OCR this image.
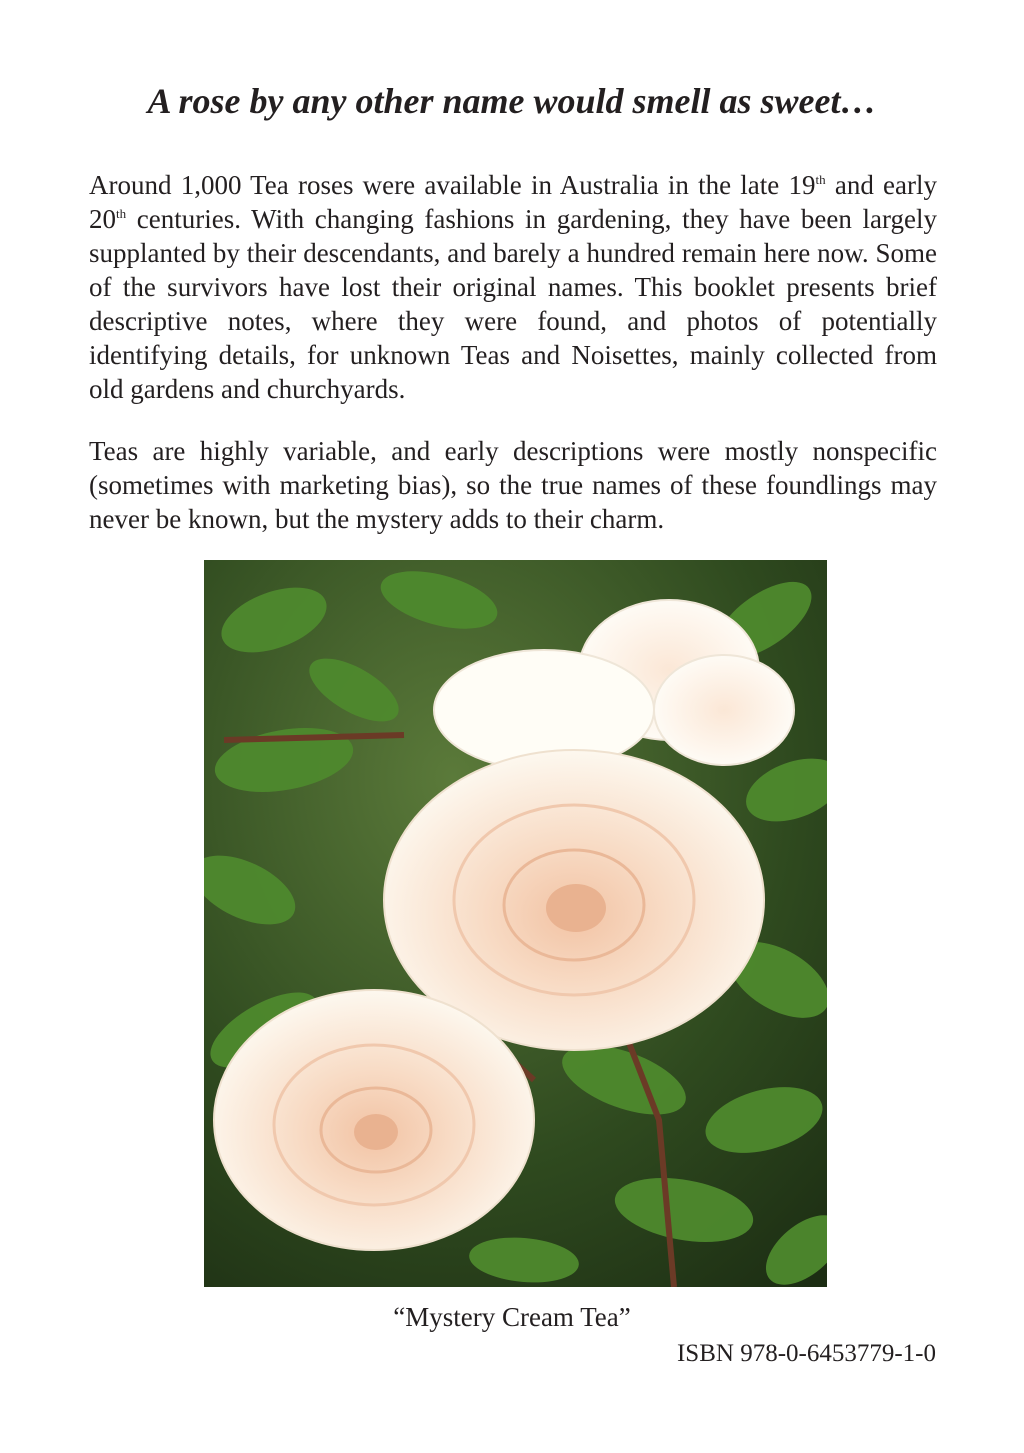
A rose by any other name would smell as sweet…

Around 1,000 Tea roses were available in Australia in the late 19th and early 20th centuries. With changing fashions in gardening, they have been largely supplanted by their descendants, and barely a hundred remain here now. Some of the survivors have lost their original names. This booklet presents brief descriptive notes, where they were found, and photos of potentially identifying details, for unknown Teas and Noisettes, mainly collected from old gardens and churchyards.

Teas are highly variable, and early descriptions were mostly nonspecific (sometimes with marketing bias), so the true names of these foundlings may never be known, but the mystery adds to their charm.

“Mystery Cream Tea”

ISBN 978-0-6453779-1-0
